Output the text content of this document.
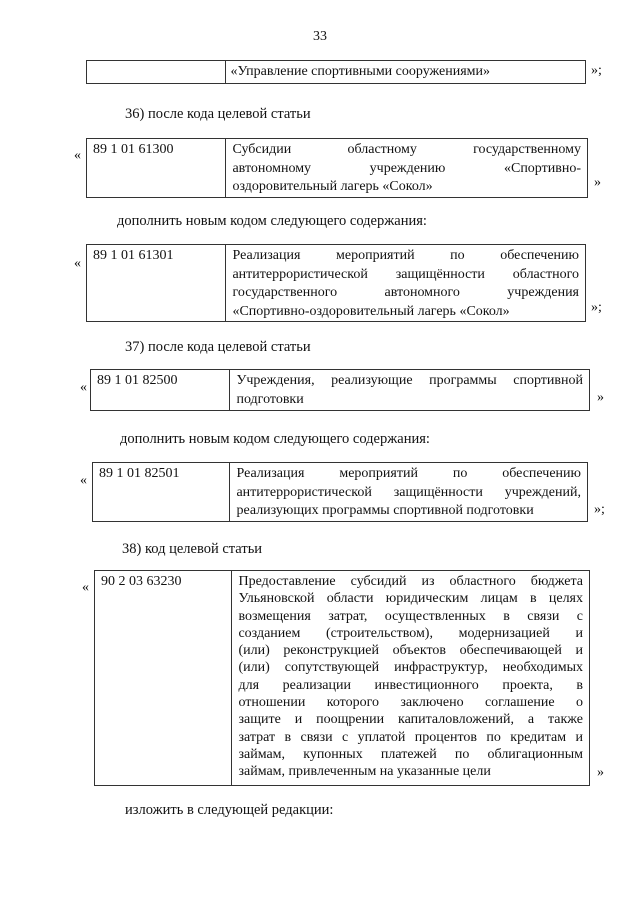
33
«Управление спортивными сооружениями»	»;
36) после кода целевой статьи
« 89 1 01 61300	Субсидии областному государственному
автономному учреждению «Спортивно-
оздоровительный лагерь «Сокол»	»
дополнить новым кодом следующего содержания:
«
89 1 01 61301	Реализация мероприятий по обеспечению
антитеррористической защищённости областного
государственного автономного учреждения
«Спортивно-оздоровительный лагерь «Сокол»	»;
37) после кода целевой статьи
« 89 1 01 82500	Учреждения, реализующие программы спортивной
подготовки	»
дополнить новым кодом следующего содержания:
« 89 1 01 82501	Реализация мероприятий по обеспечению
антитеррористической защищённости учреждений,
реализующих программы спортивной подготовки	»;
38) код целевой статьи
« 90 2 03 63230	Предоставление субсидий из областного бюджета
Ульяновской области юридическим лицам в целях
возмещения затрат, осуществленных в связи с
созданием (строительством), модернизацией и
(или) реконструкцией объектов обеспечивающей и
(или) сопутствующей инфраструктур, необходимых
для реализации инвестиционного проекта, в
отношении которого заключено соглашение о
защите и поощрении капиталовложений, а также
затрат в связи с уплатой процентов по кредитам и
займам, купонных платежей по облигационным
займам, привлеченным на указанные цели	»
изложить в следующей редакции:
